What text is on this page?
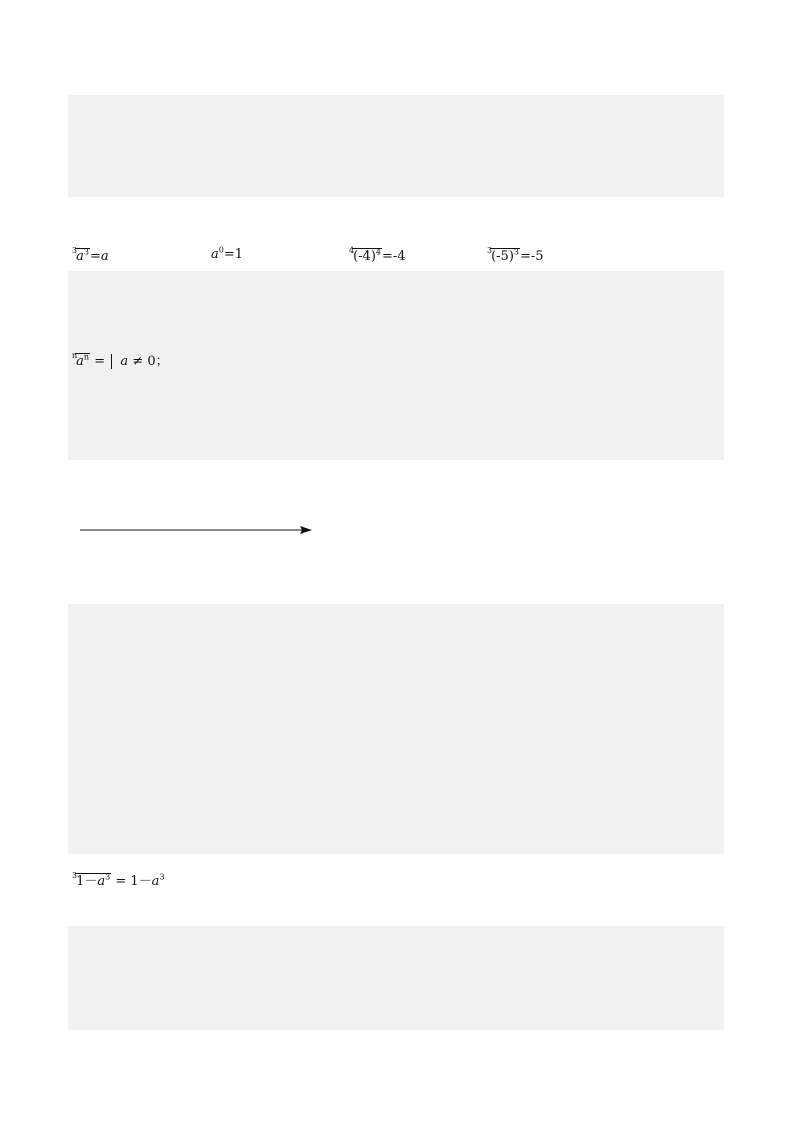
$^3a^3=a$	$a^0=1$	$^4(-4)^4=-4$	$^3(-5)^3=-5$
$^na^n$ =
a ≠ 0；
$^31-a^3 = 1-a^3$
